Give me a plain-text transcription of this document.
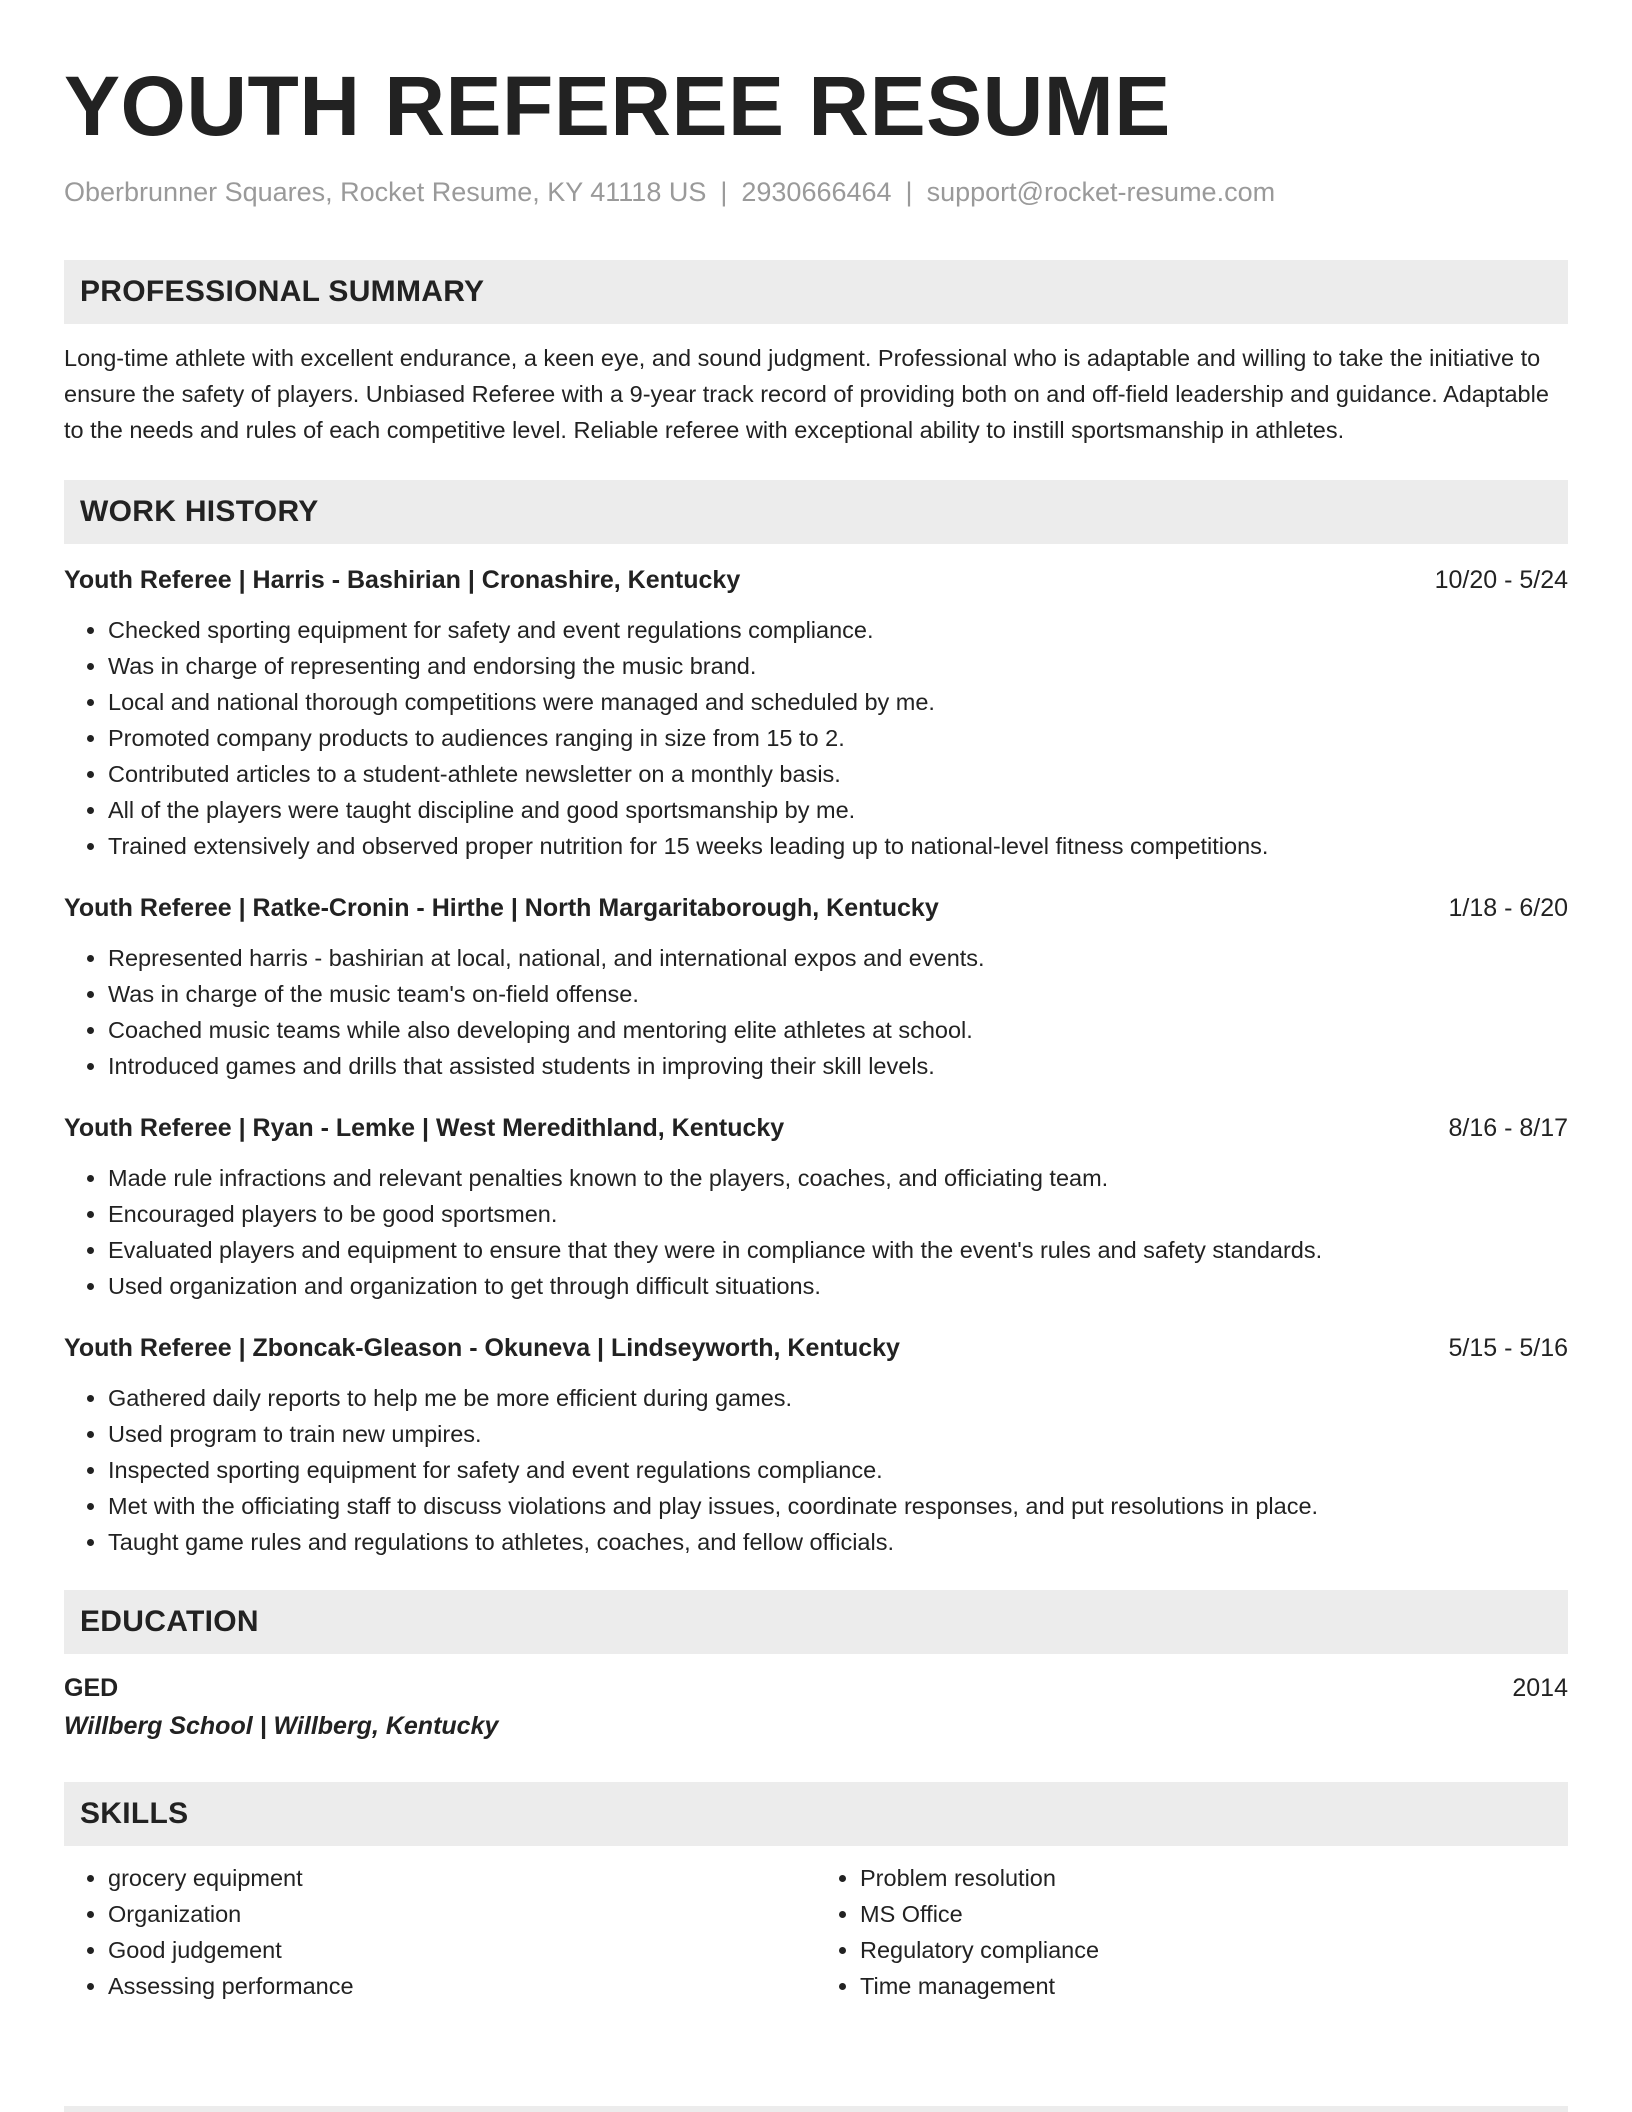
YOUTH REFEREE RESUME
Oberbrunner Squares, Rocket Resume, KY 41118 US | 2930666464 | support@rocket-resume.com
PROFESSIONAL SUMMARY
Long-time athlete with excellent endurance, a keen eye, and sound judgment. Professional who is adaptable and willing to take the initiative to ensure the safety of players. Unbiased Referee with a 9-year track record of providing both on and off-field leadership and guidance. Adaptable to the needs and rules of each competitive level. Reliable referee with exceptional ability to instill sportsmanship in athletes.
WORK HISTORY
Youth Referee | Harris - Bashirian | Cronashire, Kentucky	10/20 - 5/24
• Checked sporting equipment for safety and event regulations compliance.
• Was in charge of representing and endorsing the music brand.
• Local and national thorough competitions were managed and scheduled by me.
• Promoted company products to audiences ranging in size from 15 to 2.
• Contributed articles to a student-athlete newsletter on a monthly basis.
• All of the players were taught discipline and good sportsmanship by me.
• Trained extensively and observed proper nutrition for 15 weeks leading up to national-level fitness competitions.
Youth Referee | Ratke-Cronin - Hirthe | North Margaritaborough, Kentucky	1/18 - 6/20
• Represented harris - bashirian at local, national, and international expos and events.
• Was in charge of the music team's on-field offense.
• Coached music teams while also developing and mentoring elite athletes at school.
• Introduced games and drills that assisted students in improving their skill levels.
Youth Referee | Ryan - Lemke | West Meredithland, Kentucky	8/16 - 8/17
• Made rule infractions and relevant penalties known to the players, coaches, and officiating team.
• Encouraged players to be good sportsmen.
• Evaluated players and equipment to ensure that they were in compliance with the event's rules and safety standards.
• Used organization and organization to get through difficult situations.
Youth Referee | Zboncak-Gleason - Okuneva | Lindseyworth, Kentucky	5/15 - 5/16
• Gathered daily reports to help me be more efficient during games.
• Used program to train new umpires.
• Inspected sporting equipment for safety and event regulations compliance.
• Met with the officiating staff to discuss violations and play issues, coordinate responses, and put resolutions in place.
• Taught game rules and regulations to athletes, coaches, and fellow officials.
EDUCATION
GED	2014
Willberg School | Willberg, Kentucky
SKILLS
• grocery equipment
• Organization
• Good judgement
• Assessing performance
• Problem resolution
• MS Office
• Regulatory compliance
• Time management
